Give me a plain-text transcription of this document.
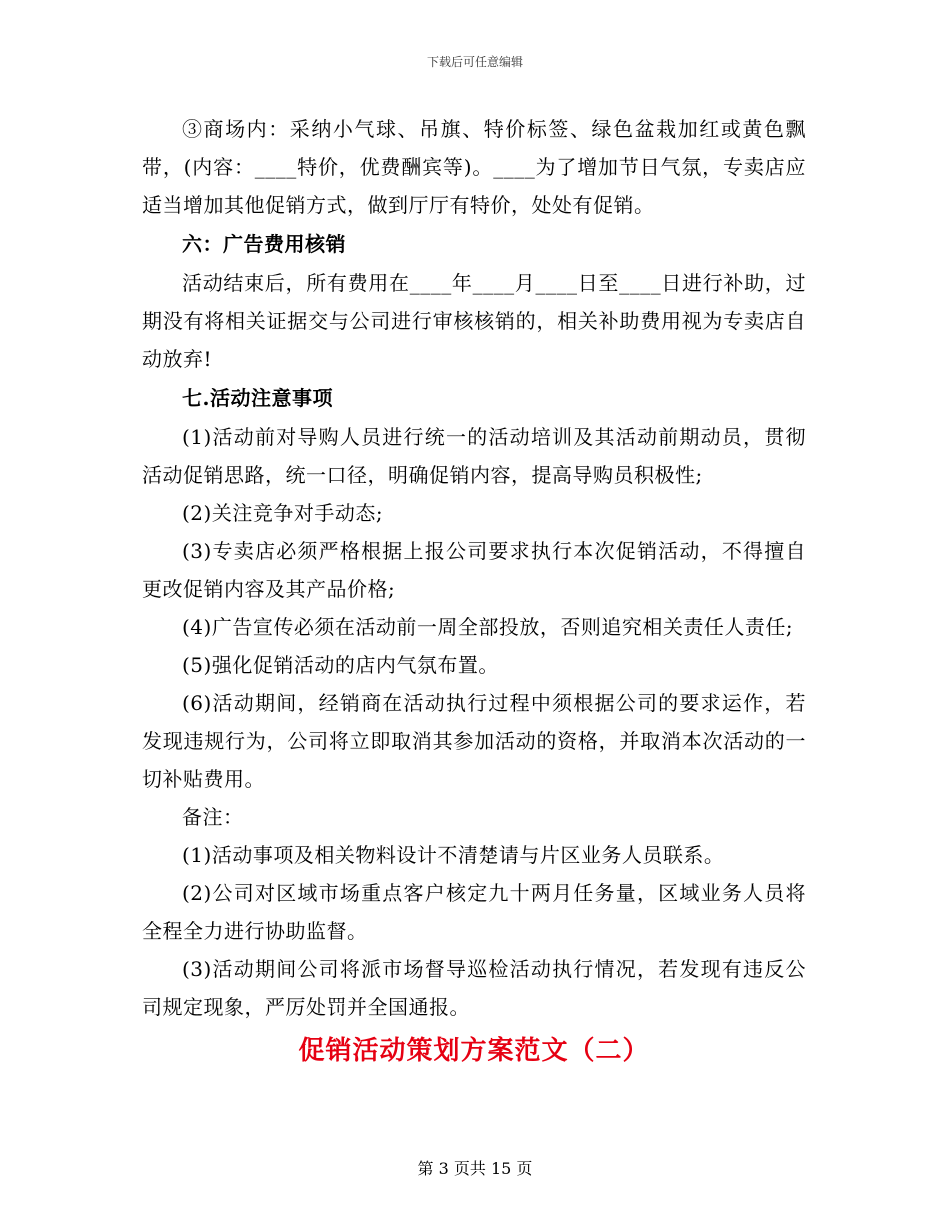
下载后可任意编辑

③商场内：采纳小气球、吊旗、特价标签、绿色盆栽加红或黄色飘带，(内容：____特价，优费酬宾等)。____为了增加节日气氛，专卖店应适当增加其他促销方式，做到厅厅有特价，处处有促销。

六：广告费用核销

活动结束后，所有费用在____年____月____日至____日进行补助，过期没有将相关证据交与公司进行审核核销的，相关补助费用视为专卖店自动放弃!

七.活动注意事项

(1)活动前对导购人员进行统一的活动培训及其活动前期动员，贯彻活动促销思路，统一口径，明确促销内容，提高导购员积极性;

(2)关注竞争对手动态;

(3)专卖店必须严格根据上报公司要求执行本次促销活动，不得擅自更改促销内容及其产品价格;

(4)广告宣传必须在活动前一周全部投放，否则追究相关责任人责任;

(5)强化促销活动的店内气氛布置。

(6)活动期间，经销商在活动执行过程中须根据公司的要求运作，若发现违规行为，公司将立即取消其参加活动的资格，并取消本次活动的一切补贴费用。

备注：

(1)活动事项及相关物料设计不清楚请与片区业务人员联系。

(2)公司对区域市场重点客户核定九十两月任务量，区域业务人员将全程全力进行协助监督。

(3)活动期间公司将派市场督导巡检活动执行情况，若发现有违反公司规定现象，严厉处罚并全国通报。

促销活动策划方案范文（二）

第 3 页共 15 页
